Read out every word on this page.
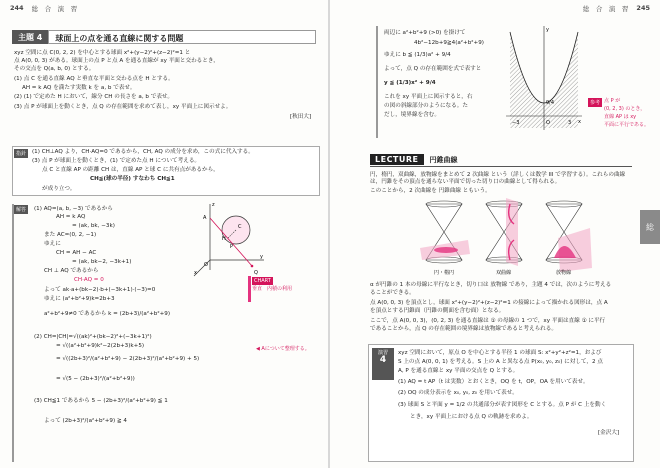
244 総　合　演　習
主題 4	球面上の点を通る直線に関する問題
xyz 空間に点 C(0, 2, 2) を中心とする球面 x²+(y−2)²+(z−2)²=1 と
点 A(0, 0, 3) がある。球面上の点 P と点 A を通る直線が xy 平面と交わるとき，
その交点を Q(a, b, 0) とする。
(1) 点 C を通る直線 AQ と垂直な平面と交わる点を H とする。
AH = k AQ を満たす実数 k を a, b で表せ。
(2) (1) で定めた H において，線分 CH の長さを a, b で表せ。
(3) 点 P が球面上を動くとき，点 Q の存在範囲を求めて表し，xy 平面上に図示せよ。
[秋田大]
指針	(1) CH⊥AQ より，CH·AQ=0 であるから，CH, AQ の成分を求め，この式に代入する。
(3) 点 P が球面上を動くとき，(1) で定めた点 H について考える。
点 C と直線 AP の距離 CH は，直線 AP と球 C に共有点があるから，
CH≦(球の半径) すなわち CH≦1
が成り立つ。
解答	(1) AQ=(a, b, −3) であるから
AH = k AQ
= (ak, bk, −3k)
また AC=(0, 2, −1)
ゆえに
CH = AH − AC
= (ak, bk−2, −3k+1)
CH ⊥ AQ であるから
CH·AQ = 0
よって ak·a+(bk−2)·b+(−3k+1)·(−3)=0
ゆえに (a²+b²+9)k=2b+3
a²+b²+9≠0 であるから k = (2b+3)/(a²+b²+9)
(2) CH=|CH|=√((ak)²+(bk−2)²+(−3k+1)²)
= √((a²+b²+9)k²−2(2b+3)k+5)
= √((2b+3)²/(a²+b²+9) − 2(2b+3)²/(a²+b²+9) + 5)
= √(5 − (2b+3)²/(a²+b²+9))
(3) CH≦1 であるから 5 − (2b+3)²/(a²+b²+9) ≦ 1
よって (2b+3)²/(a²+b²+9) ≧ 4
z
y
x
A
C
H
P
Q
O
CHART
垂直　内積の利用
◀ Aについて整理する。
総　合　演　習 245
両辺に a²+b²+9 (>0) を掛けて
4b²−12b+9≧4(a²+b²+9)
ゆえに b ≦ (1/3)a² + 9/4
よって，点 Q の存在範囲を式で表すと
y ≦ (1/3)x² + 9/4
これを xy 平面上に図示すると，右
の図の斜線部分のようになる。た
だし，境界線を含む。
y
x
O
9/4
−3	3
参考 点 P が
(0, 2, 3) のとき，
直線 AP は xy
平面に平行である。
LECTURE	円錐曲線
円，楕円，双曲線，放物線をまとめて 2 次曲線 という（詳しくは数学 III で学習する）。これらの曲線は，円錐をその頂点を通らない平面で切った切り口の曲線として得られる。
このことから，2 次曲線を 円錐曲線 ともいう。
円・楕円	双曲線	放物線
α が円錐の 1 本の母線に平行なとき，切り口は 放物線 であり，主題 4 では，次のように考える
ることができる。
点 A(0, 0, 3) を頂点とし，球面 x²+(y−2)²+(z−2)²=1 の接線によって描かれる図形は，点 A
を頂点とする円錐面（円錐の側面を含む面）となる。
ここで，点 A(0, 0, 3)，(0, 2, 3) を通る直線は ① の母線の 1 つで，xy 平面は直線 ① に平行
であることから，点 Q の存在範囲の境界線は放物線であると考えられる。
演習
4
xyz 空間において，原点 O を中心とする半径 1 の球面 S: x²+y²+z²=1，および
S 上の点 A(0, 0, 1) を考える。S 上の A と異なる点 P(x₀, y₀, z₀) に対して，2 点
A, P を通る直線と xy 平面の交点を Q とする。
(1) AQ = t AP（t は実数）とおくとき，OQ を t，OP，OA を用いて表せ。
(2) OQ の成分表示を x₀, y₀, z₀ を用いて表せ。
(3) 球面 S と平面 y = 1/2 の共通部分が表す図形を C とする。点 P が C 上を動く
とき，xy 平面上における点 Q の軌跡を求めよ。
[金沢大]
総
